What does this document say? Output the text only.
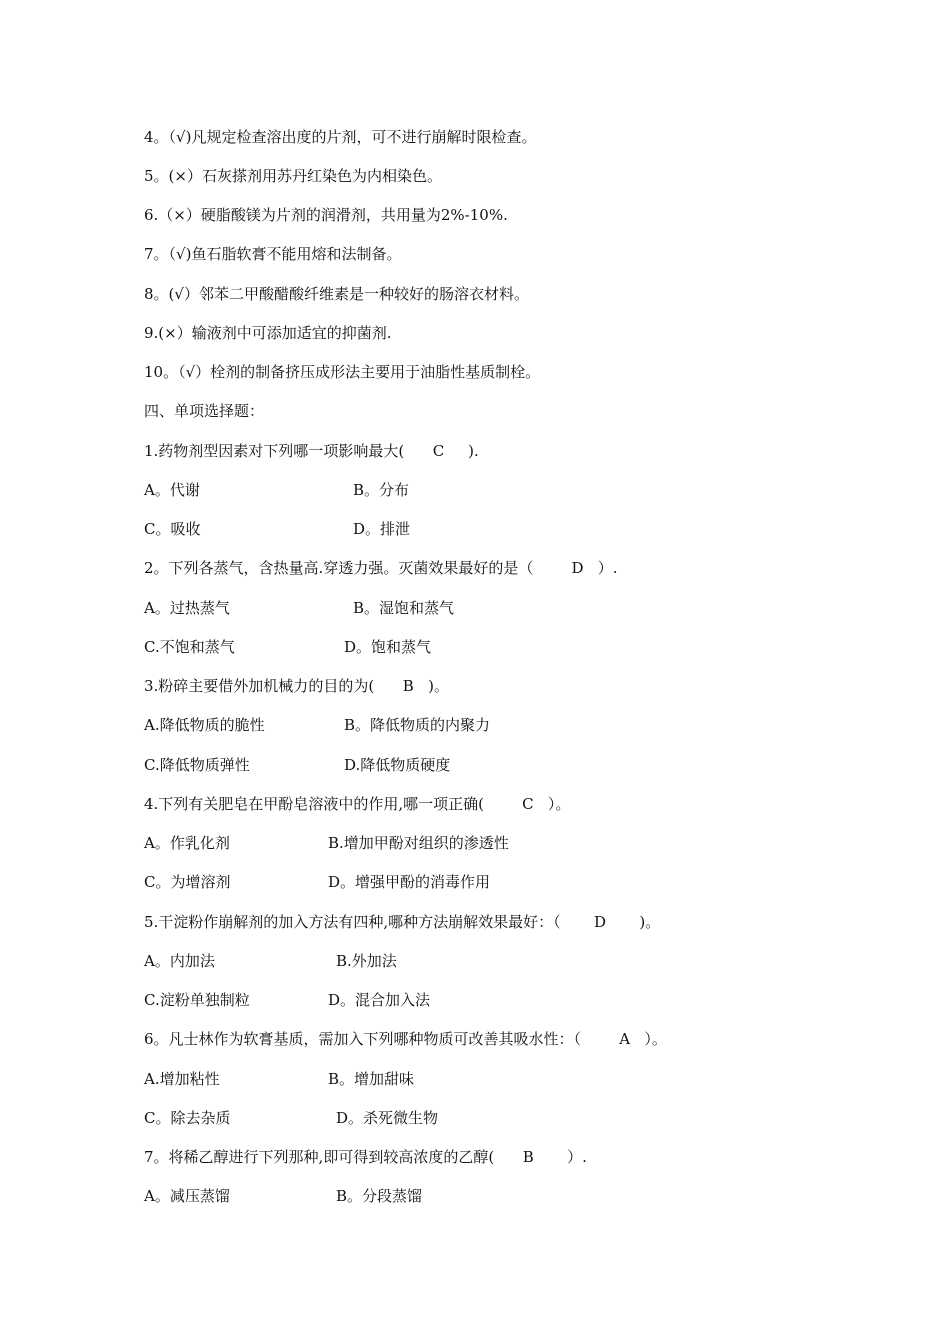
4。（√)凡规定检查溶出度的片剂，可不进行崩解时限检查。
5。(×）石灰搽剂用苏丹红染色为内相染色。
6.（×）硬脂酸镁为片剂的润滑剂，共用量为2%-10%.
7。（√)鱼石脂软膏不能用熔和法制备。
8。(√）邻苯二甲酸醋酸纤维素是一种较好的肠溶衣材料。
9.(×）输液剂中可添加适宜的抑菌剂.
10。（√）栓剂的制备挤压成形法主要用于油脂性基质制栓。
四、单项选择题：
1.药物剂型因素对下列哪一项影响最大(      C     ).

A。代谢

	B。分布

C。吸收

	D。排泄

2。下列各蒸气，含热量高.穿透力强。灭菌效果最好的是（        D   ）.

A。过热蒸气

	B。湿饱和蒸气

C.不饱和蒸气

	D。饱和蒸气

3.粉碎主要借外加机械力的目的为(      B   )。

A.降低物质的脆性

	B。降低物质的内聚力

C.降低物质弹性

	D.降低物质硬度

4.下列有关肥皂在甲酚皂溶液中的作用,哪一项正确(        C   ）。

A。作乳化剂

	B.增加甲酚对组织的渗透性

C。为增溶剂

	D。增强甲酚的消毒作用

5.干淀粉作崩解剂的加入方法有四种,哪种方法崩解效果最好：（       D       )。

A。内加法

	B.外加法

C.淀粉单独制粒

	D。混合加入法

6。凡士林作为软膏基质，需加入下列哪种物质可改善其吸水性：（        A   ）。

A.增加粘性

	B。增加甜味

C。除去杂质

	D。杀死微生物

7。将稀乙醇进行下列那种,即可得到较高浓度的乙醇(      B       ）.

A。减压蒸馏

	B。分段蒸馏
